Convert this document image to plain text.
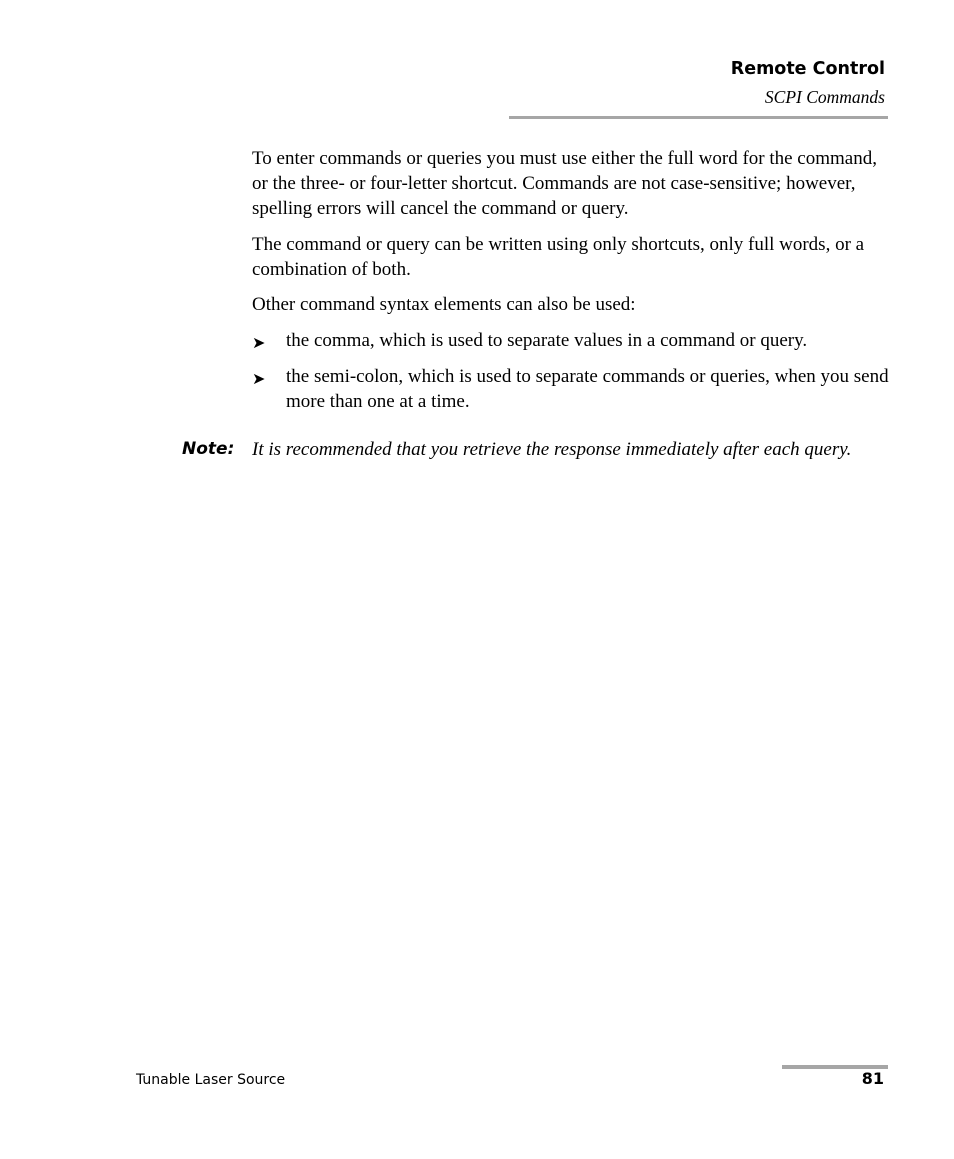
Remote Control
SCPI Commands

To enter commands or queries you must use either the full word for the command, or the three- or four-letter shortcut. Commands are not case-sensitive; however, spelling errors will cancel the command or query.

The command or query can be written using only shortcuts, only full words, or a combination of both.

Other command syntax elements can also be used:

➤	the comma, which is used to separate values in a command or query.
➤	the semi-colon, which is used to separate commands or queries, when you send more than one at a time.
Note: It is recommended that you retrieve the response immediately after each query.
Tunable Laser Source	81
